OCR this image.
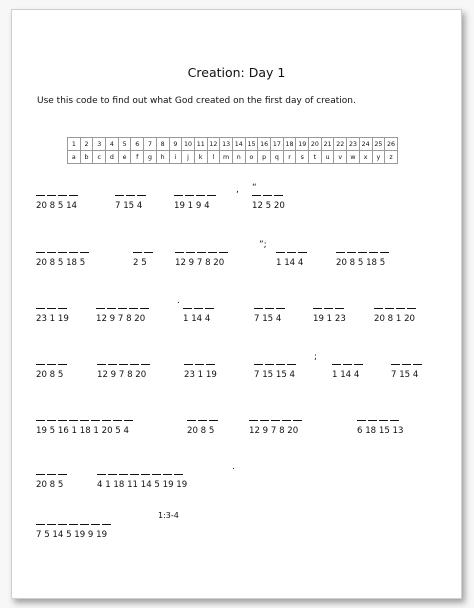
Creation: Day 1
Use this code to find out what God created on the first day of creation.
1	2	3	4	5	6	7	8	9	10	11	12	13	14	15	16	17	18	19	20	21	22	23	24	25	26
a	b	c	d	e	f	g	h	i	j	k	l	m	n	o	p	q	r	s	t	u	v	w	x	y	z
20 8 5 14	7 15 4	19 1 9 4	12 5 20
20 8 5 18 5	2 5	12 9 7 8 20	1 14 4	20 8 5 18 5
23 1 19	12 9 7 8 20	1 14 4	7 15 4	19 1 23	20 8 1 20
20 8 5	12 9 7 8 20	23 1 19	7 15 15 4	1 14 4	7 15 4
19 5 16 1 18 1 20 5 4	20 8 5	12 9 7 8 20	6 18 15 13
20 8 5	4 1 18 11 14 5 19 19
7 5 14 5 19 9 19
, “
”;
.
;
.
1:3-4
